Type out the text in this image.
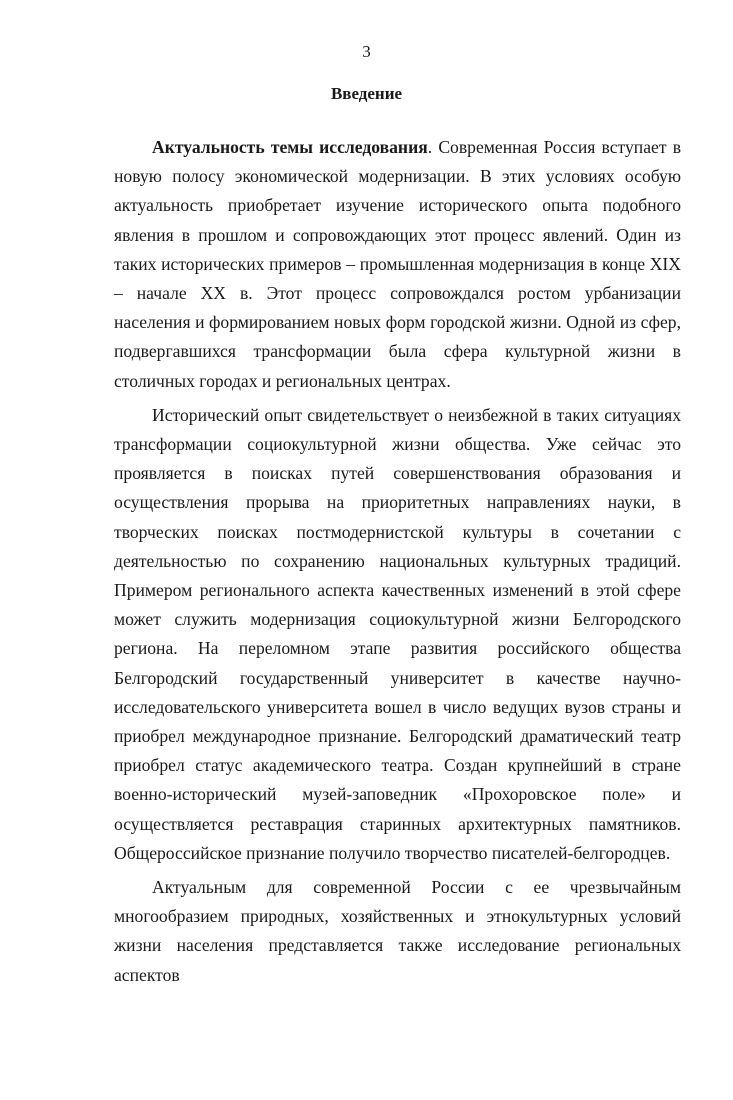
3
Введение

Актуальность темы исследования. Современная Россия вступает в новую полосу экономической модернизации. В этих условиях особую актуальность приобретает изучение исторического опыта подобного явления в прошлом и сопровождающих этот процесс явлений. Один из таких исторических примеров – промышленная модернизация в конце XIX – начале XX в. Этот процесс сопровождался ростом урбанизации населения и формированием новых форм городской жизни. Одной из сфер, подвергавшихся трансформации была сфера культурной жизни в столичных городах и региональных центрах.

Исторический опыт свидетельствует о неизбежной в таких ситуациях трансформации социокультурной жизни общества. Уже сейчас это проявляется в поисках путей совершенствования образования и осуществления прорыва на приоритетных направлениях науки, в творческих поисках постмодернистской культуры в сочетании с деятельностью по сохранению национальных культурных традиций. Примером регионального аспекта качественных изменений в этой сфере может служить модернизация социокультурной жизни Белгородского региона. На переломном этапе развития российского общества Белгородский государственный университет в качестве научно-исследовательского университета вошел в число ведущих вузов страны и приобрел международное признание. Белгородский драматический театр приобрел статус академического театра. Создан крупнейший в стране военно-исторический музей-заповедник «Прохоровское поле» и осуществляется реставрация старинных архитектурных памятников. Общероссийское признание получило творчество писателей-белгородцев.

Актуальным для современной России с ее чрезвычайным многообразием природных, хозяйственных и этнокультурных условий жизни населения представляется также исследование региональных аспектов
